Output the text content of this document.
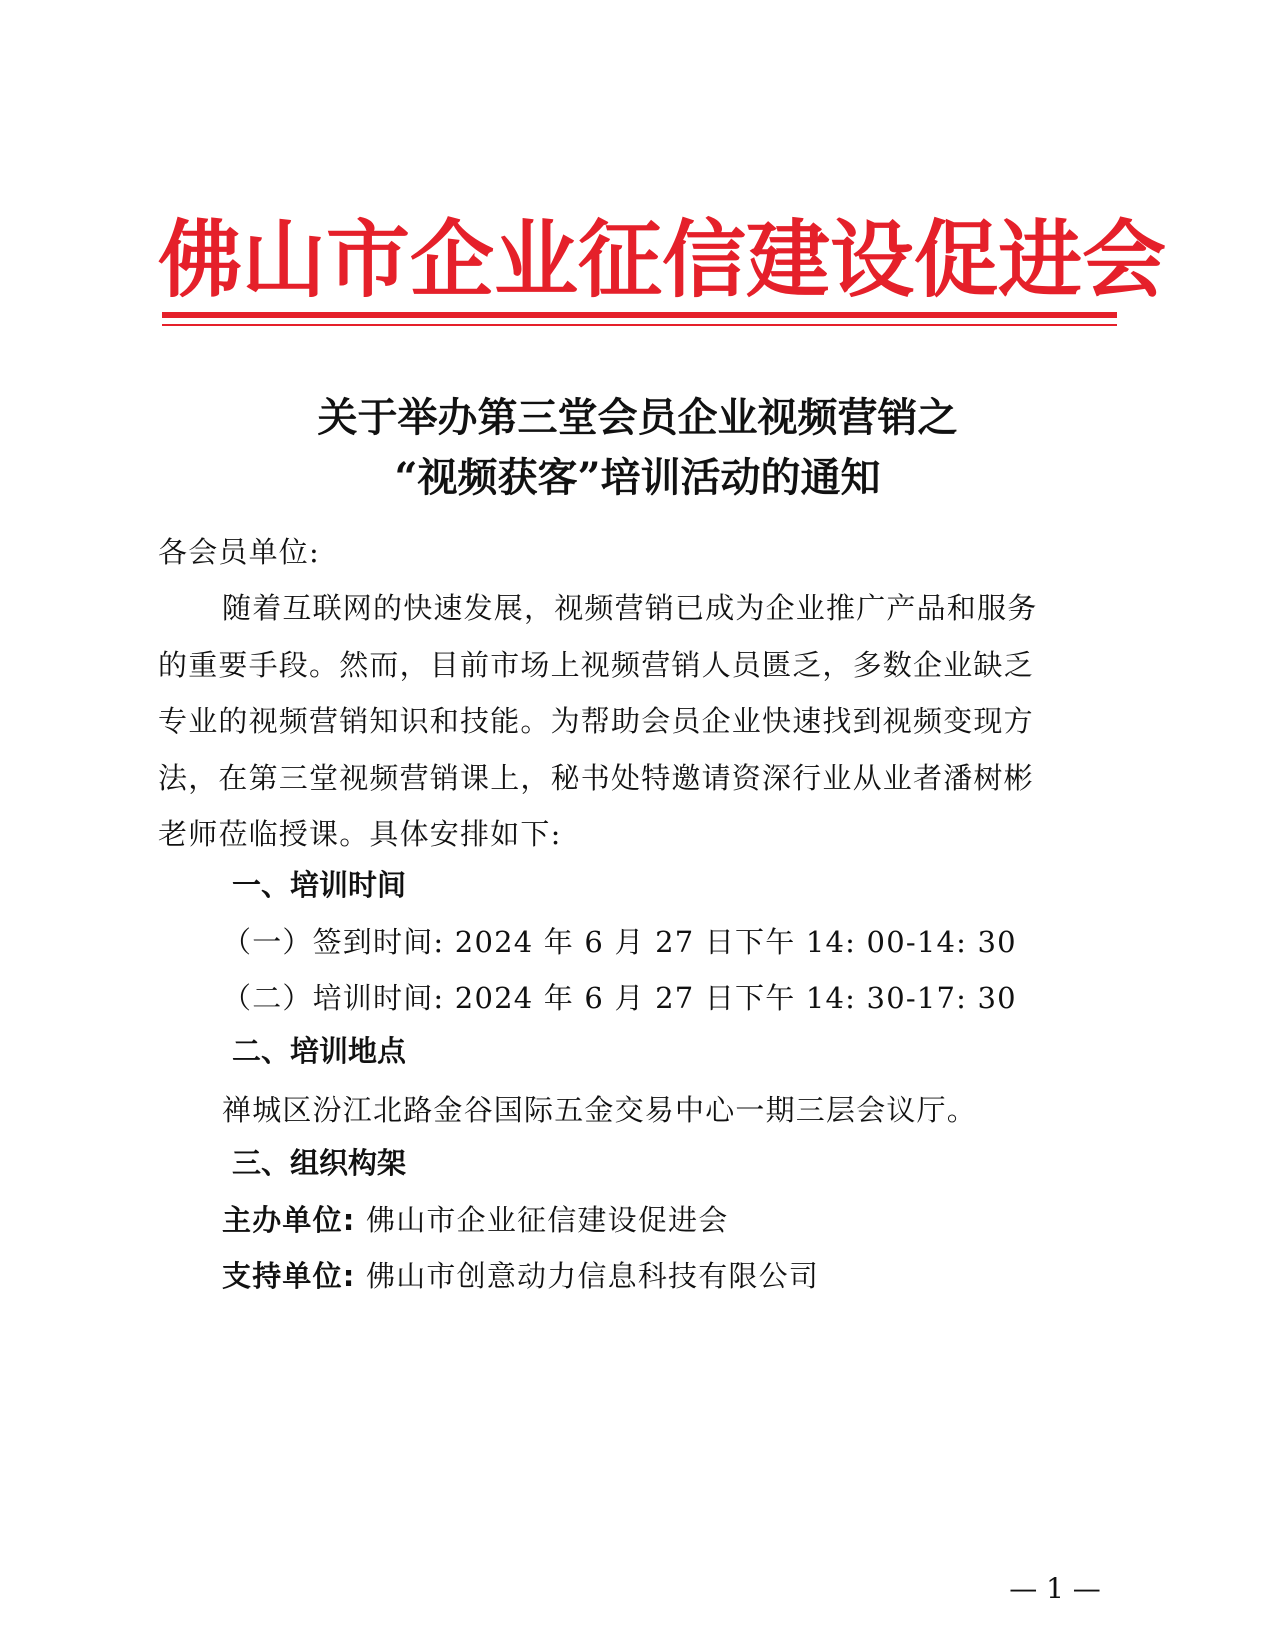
佛山市企业征信建设促进会
关于举办第三堂会员企业视频营销之
“视频获客”培训活动的通知
各会员单位:
随着互联网的快速发展，视频营销已成为企业推广产品和服务
的重要手段。然而，目前市场上视频营销人员匮乏，多数企业缺乏
专业的视频营销知识和技能。为帮助会员企业快速找到视频变现方
法，在第三堂视频营销课上，秘书处特邀请资深行业从业者潘树彬
老师莅临授课。具体安排如下:
一、培训时间
（一）签到时间: 2024 年 6 月 27 日下午 14: 00-14: 30
（二）培训时间: 2024 年 6 月 27 日下午 14: 30-17: 30
二、培训地点
禅城区汾江北路金谷国际五金交易中心一期三层会议厅。
三、组织构架
主办单位: 佛山市企业征信建设促进会
支持单位: 佛山市创意动力信息科技有限公司
— 1 —
